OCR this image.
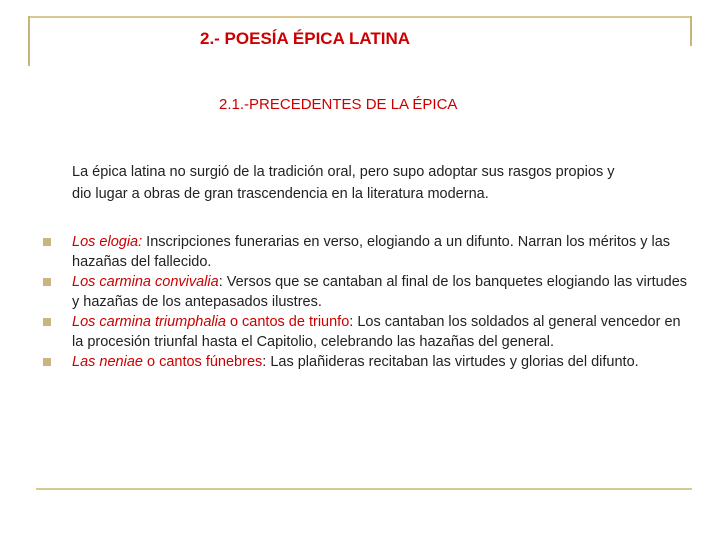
2.- POESÍA ÉPICA LATINA
2.1.-PRECEDENTES DE LA ÉPICA
La épica latina no surgió de la tradición oral, pero supo adoptar sus rasgos propios y
dio lugar a obras de gran trascendencia en la literatura moderna.
Los elogia: Inscripciones funerarias en verso, elogiando a un difunto. Narran los méritos y las hazañas del fallecido.
Los carmina convivalia: Versos que se cantaban al final de los banquetes elogiando las virtudes y hazañas de los antepasados ilustres.
Los carmina triumphalia o cantos de triunfo: Los cantaban los soldados al general vencedor en la procesión triunfal hasta el Capitolio, celebrando las hazañas del general.
Las neniae o cantos fúnebres: Las plañideras recitaban las virtudes y glorias del difunto.
